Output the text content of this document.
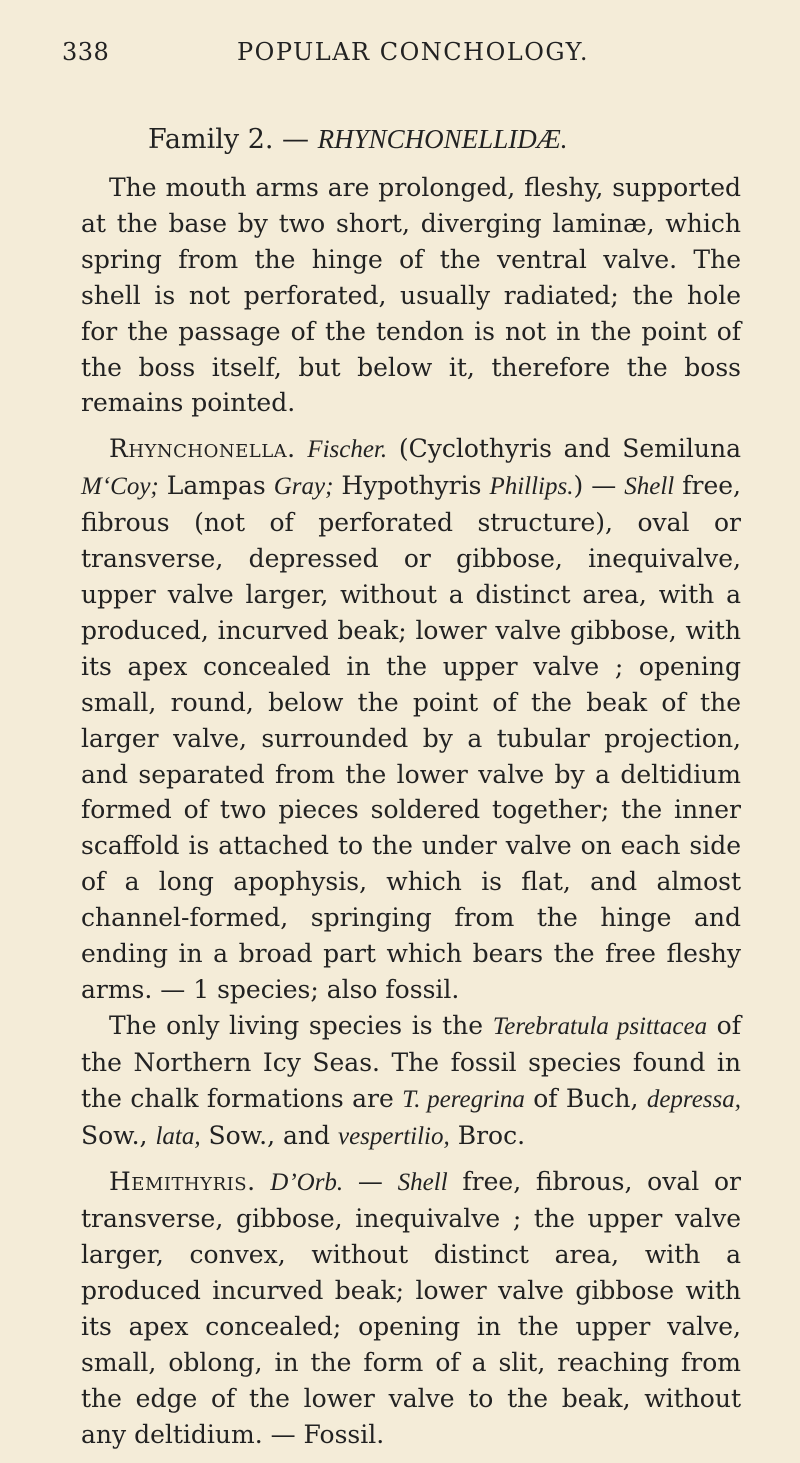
338	POPULAR CONCHOLOGY.
Family 2. — RHYNCHONELLIDÆ.

The mouth arms are prolonged, fleshy, supported at the base by two short, diverging laminæ, which spring from the hinge of the ventral valve. The shell is not perforated, usually radiated; the hole for the passage of the tendon is not in the point of the boss itself, but below it, therefore the boss remains pointed.

Rhynchonella. Fischer. (Cyclothyris and Semiluna M‘Coy; Lampas Gray; Hypothyris Phillips.) — Shell free, fibrous (not of perforated structure), oval or transverse, depressed or gibbose, inequivalve, upper valve larger, without a distinct area, with a produced, incurved beak; lower valve gibbose, with its apex concealed in the upper valve ; opening small, round, below the point of the beak of the larger valve, surrounded by a tubular projection, and separated from the lower valve by a deltidium formed of two pieces soldered together; the inner scaffold is attached to the under valve on each side of a long apophysis, which is flat, and almost channel-formed, springing from the hinge and ending in a broad part which bears the free fleshy arms. — 1 species; also fossil.

The only living species is the Terebratula psittacea of the Northern Icy Seas. The fossil species found in the chalk formations are T. peregrina of Buch, depressa, Sow., lata, Sow., and vespertilio, Broc.

Hemithyris. D’Orb. — Shell free, fibrous, oval or transverse, gibbose, inequivalve ; the upper valve larger, convex, without distinct area, with a produced incurved beak; lower valve gibbose with its apex concealed; opening in the upper valve, small, oblong, in the form of a slit, reaching from the edge of the lower valve to the beak, without any deltidium. — Fossil.
